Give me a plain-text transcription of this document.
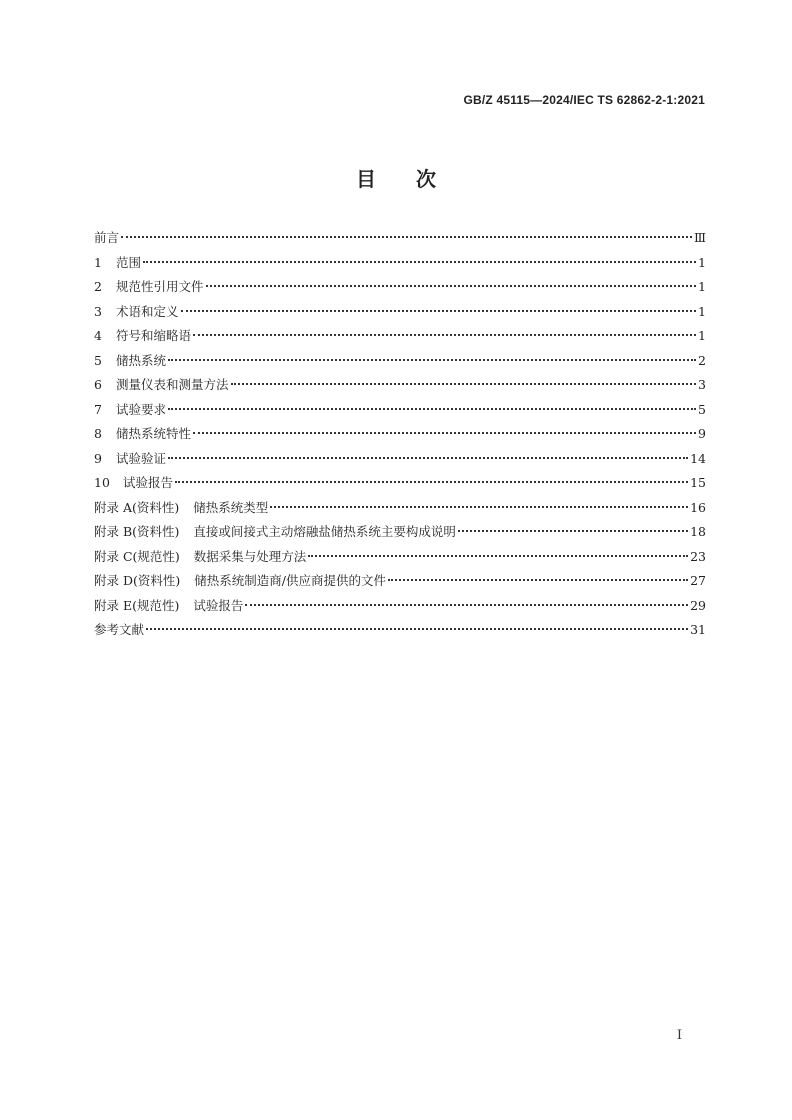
GB/Z 45115—2024/IEC TS 62862-2-1:2021
目 次
前言	Ⅲ
1	范围	1
2	规范性引用文件	1
3	术语和定义	1
4	符号和缩略语	1
5	储热系统	2
6	测量仪表和测量方法	3
7	试验要求	5
8	储热系统特性	9
9	试验验证	14
10	试验报告	15
附录 A(资料性)	储热系统类型	16
附录 B(资料性)	直接或间接式主动熔融盐储热系统主要构成说明	18
附录 C(规范性)	数据采集与处理方法	23
附录 D(资料性)	储热系统制造商/供应商提供的文件	27
附录 E(规范性)	试验报告	29
参考文献	31
I
